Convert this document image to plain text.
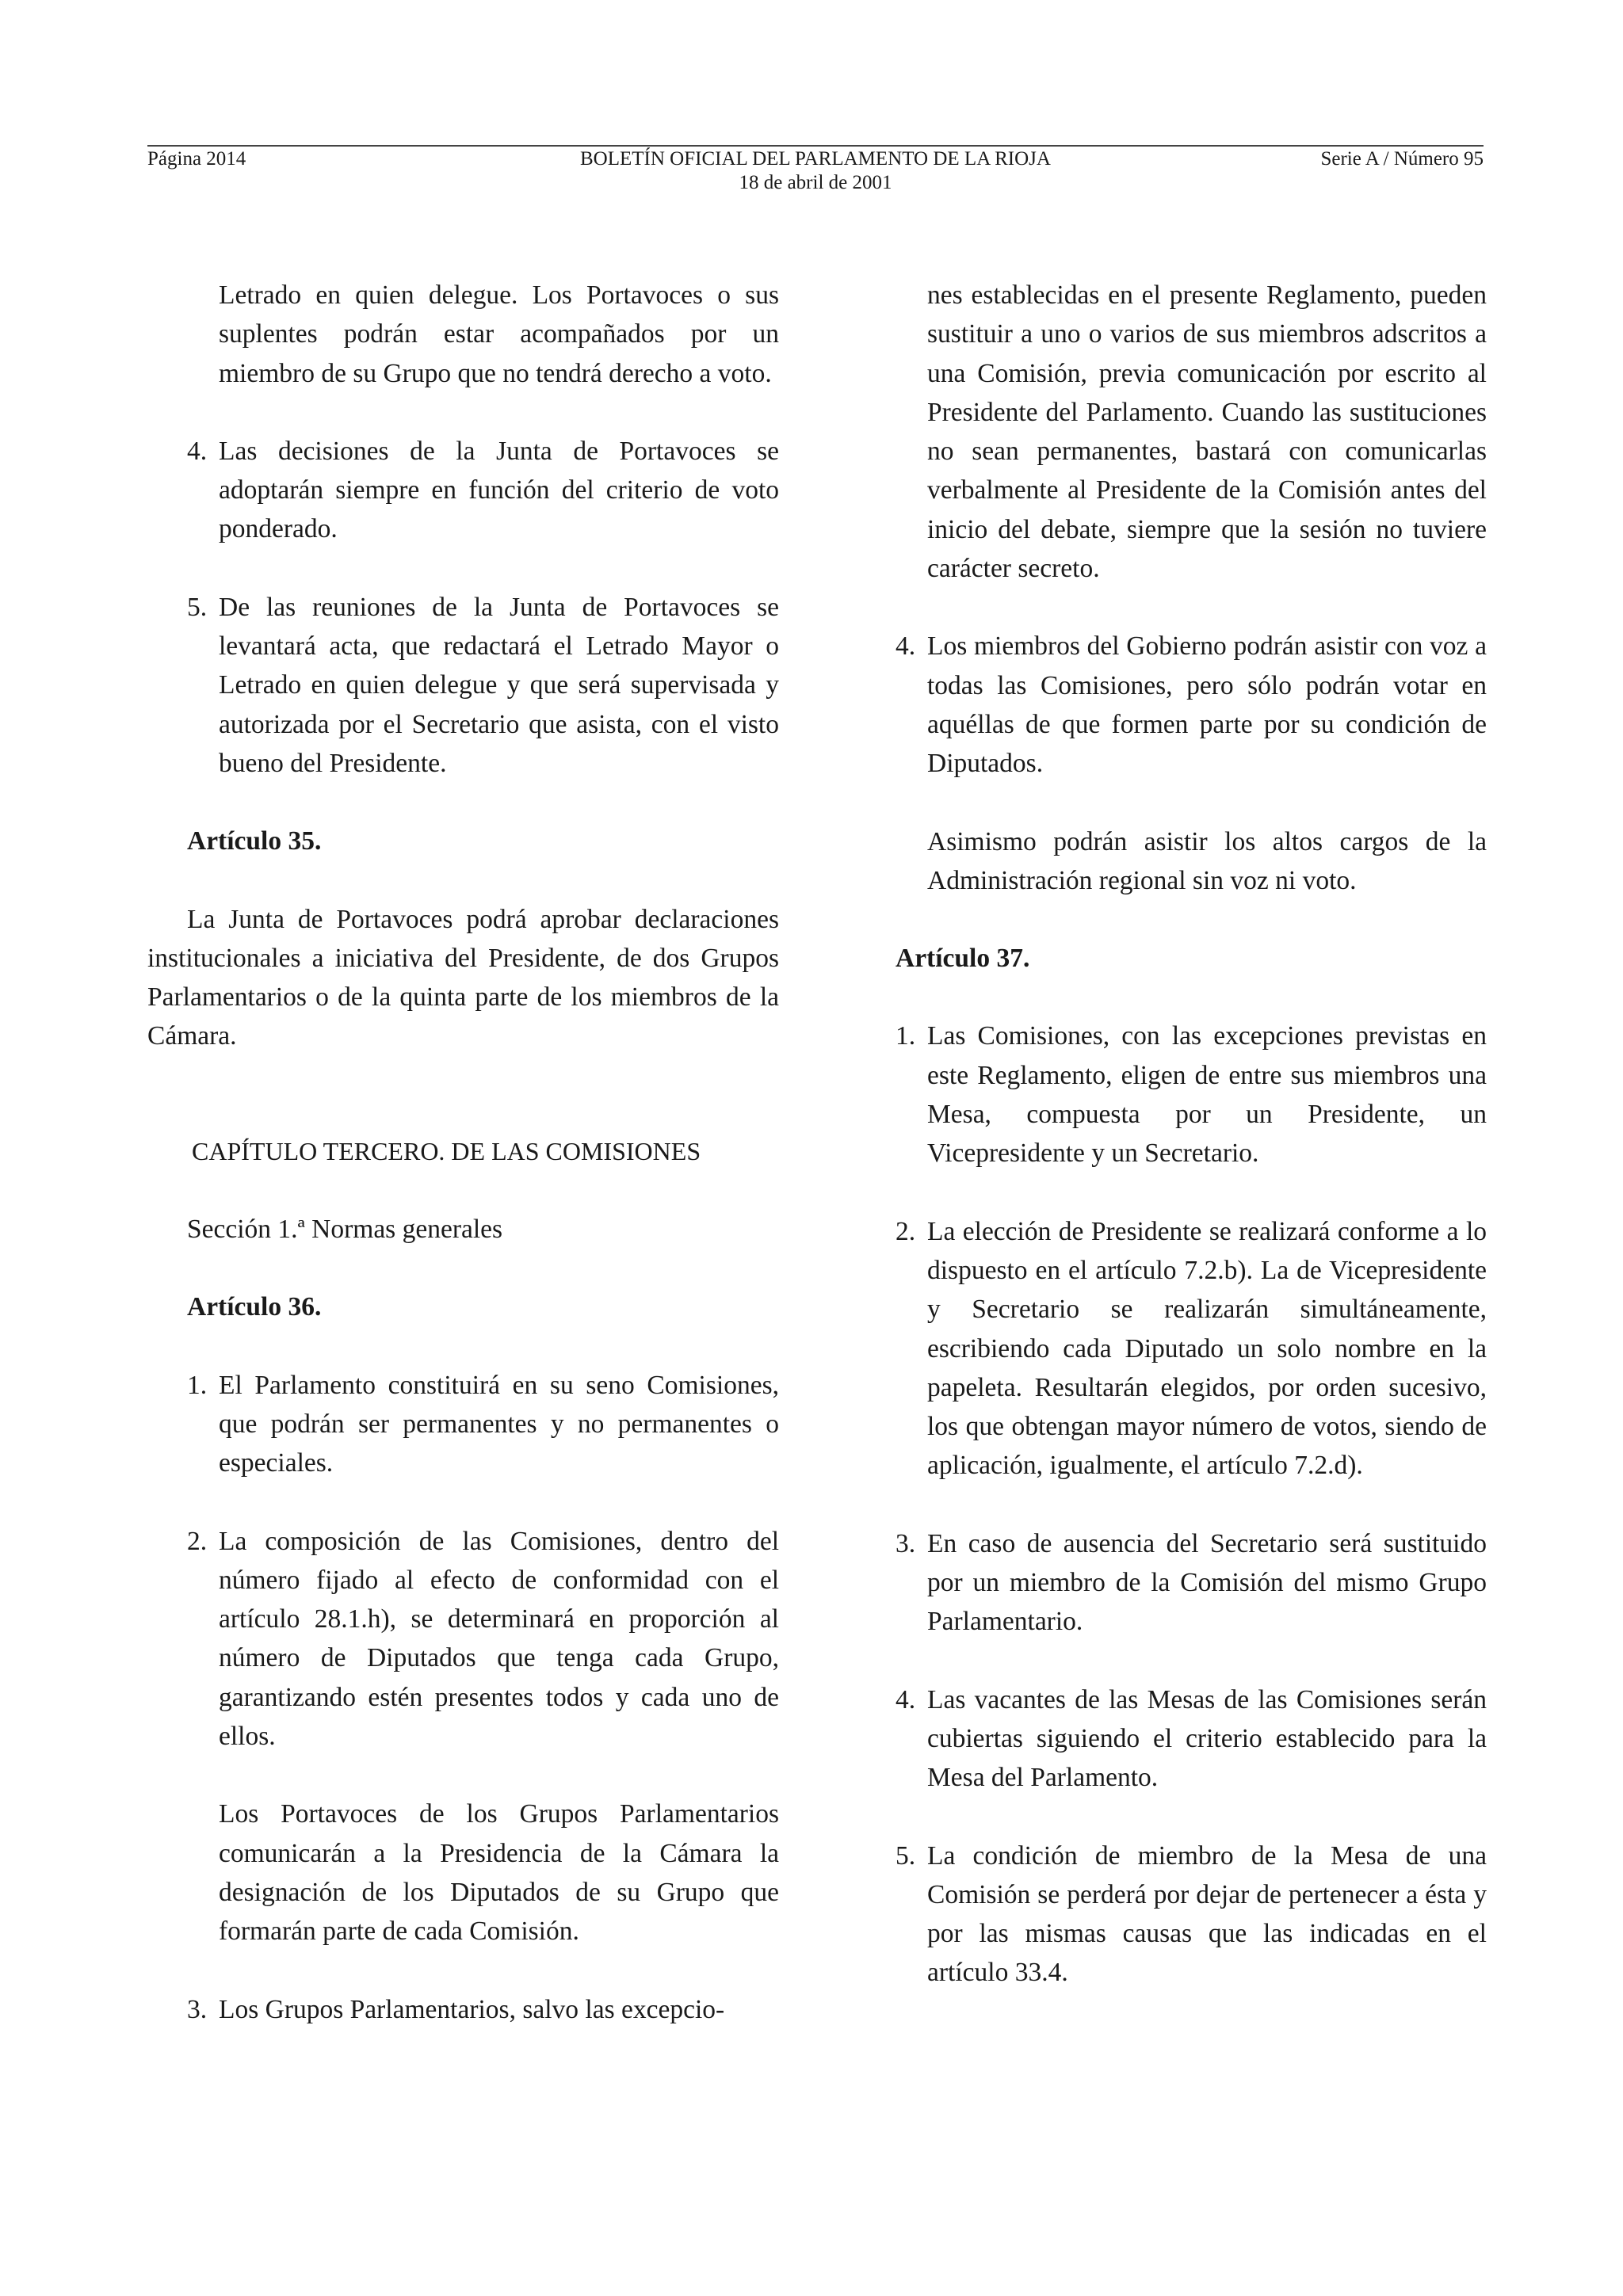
Página 2014	BOLETÍN OFICIAL DEL PARLAMENTO DE LA RIOJA
18 de abril de 2001
Serie A / Número 95

Letrado en quien delegue. Los Portavoces o sus suplentes podrán estar acompañados por un miembro de su Grupo que no tendrá derecho a voto.

4. Las decisiones de la Junta de Portavoces se adoptarán siempre en función del criterio de voto ponderado.

5. De las reuniones de la Junta de Portavoces se levantará acta, que redactará el Letrado Mayor o Letrado en quien delegue y que será supervisada y autorizada por el Secretario que asista, con el visto bueno del Presidente.

Artículo 35.

La Junta de Portavoces podrá aprobar declaraciones institucionales a iniciativa del Presidente, de dos Grupos Parlamentarios o de la quinta parte de los miembros de la Cámara.

CAPÍTULO TERCERO. DE LAS COMISIONES

Sección 1.ª Normas generales

Artículo 36.

1. El Parlamento constituirá en su seno Comisiones, que podrán ser permanentes y no permanentes o especiales.

2. La composición de las Comisiones, dentro del número fijado al efecto de conformidad con el artículo 28.1.h), se determinará en proporción al número de Diputados que tenga cada Grupo, garantizando estén presentes todos y cada uno de ellos.

Los Portavoces de los Grupos Parlamentarios comunicarán a la Presidencia de la Cámara la designación de los Diputados de su Grupo que formarán parte de cada Comisión.

3. Los Grupos Parlamentarios, salvo las excepcio-

nes establecidas en el presente Reglamento, pueden sustituir a uno o varios de sus miembros adscritos a una Comisión, previa comunicación por escrito al Presidente del Parlamento. Cuando las sustituciones no sean permanentes, bastará con comunicarlas verbalmente al Presidente de la Comisión antes del inicio del debate, siempre que la sesión no tuviere carácter secreto.

4. Los miembros del Gobierno podrán asistir con voz a todas las Comisiones, pero sólo podrán votar en aquéllas de que formen parte por su condición de Diputados.

Asimismo podrán asistir los altos cargos de la Administración regional sin voz ni voto.

Artículo 37.

1. Las Comisiones, con las excepciones previstas en este Reglamento, eligen de entre sus miembros una Mesa, compuesta por un Presidente, un Vicepresidente y un Secretario.

2. La elección de Presidente se realizará conforme a lo dispuesto en el artículo 7.2.b). La de Vicepresidente y Secretario se realizarán simultáneamente, escribiendo cada Diputado un solo nombre en la papeleta. Resultarán elegidos, por orden sucesivo, los que obtengan mayor número de votos, siendo de aplicación, igualmente, el artículo 7.2.d).

3. En caso de ausencia del Secretario será sustituido por un miembro de la Comisión del mismo Grupo Parlamentario.

4. Las vacantes de las Mesas de las Comisiones serán cubiertas siguiendo el criterio establecido para la Mesa del Parlamento.

5. La condición de miembro de la Mesa de una Comisión se perderá por dejar de pertenecer a ésta y por las mismas causas que las indicadas en el artículo 33.4.
